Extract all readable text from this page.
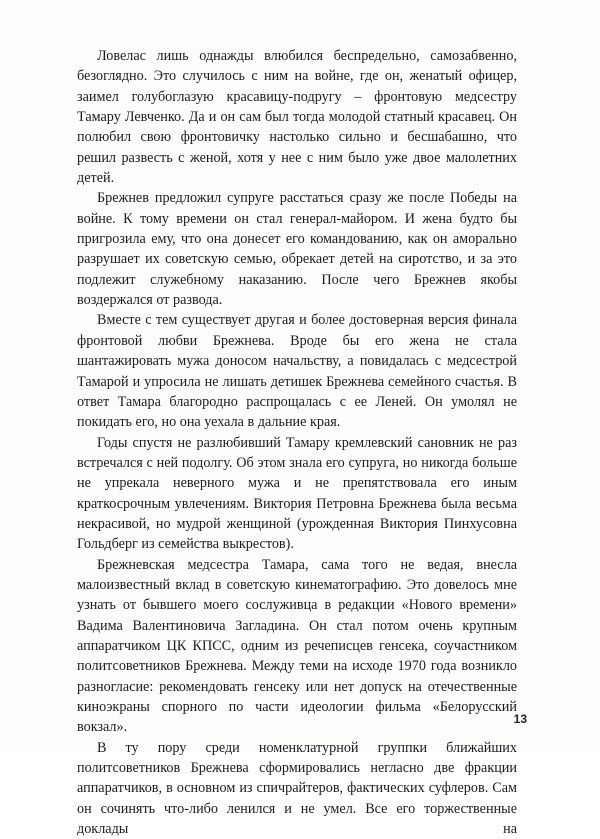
Ловелас лишь однажды влюбился беспредельно, самозабвенно, безоглядно. Это случилось с ним на войне, где он, женатый офицер, заимел голубоглазую красавицу-подругу – фронтовую медсестру Тамару Левченко. Да и он сам был тогда молодой статный красавец. Он полюбил свою фронтовичку настолько сильно и бесшабашно, что решил развесть с женой, хотя у нее с ним было уже двое малолетних детей.

Брежнев предложил супруге расстаться сразу же после Победы на войне. К тому времени он стал генерал-майором. И жена будто бы пригрозила ему, что она донесет его командованию, как он аморально разрушает их советскую семью, обрекает детей на сиротство, и за это подлежит служебному наказанию. После чего Брежнев якобы воздержался от развода.

Вместе с тем существует другая и более достоверная версия финала фронтовой любви Брежнева. Вроде бы его жена не стала шантажировать мужа доносом начальству, а повидалась с медсестрой Тамарой и упросила не лишать детишек Брежнева семейного счастья. В ответ Тамара благородно распрощалась с ее Леней. Он умолял не покидать его, но она уехала в дальние края.

Годы спустя не разлюбивший Тамару кремлевский сановник не раз встречался с ней подолгу. Об этом знала его супруга, но никогда больше не упрекала неверного мужа и не препятствовала его иным краткосрочным увлечениям. Виктория Петровна Брежнева была весьма некрасивой, но мудрой женщиной (урожденная Виктория Пинхусовна Гольдберг из семейства выкрестов).

Брежневская медсестра Тамара, сама того не ведая, внесла малоизвестный вклад в советскую кинематографию. Это довелось мне узнать от бывшего моего сослуживца в редакции «Нового времени» Вадима Валентиновича Загладина. Он стал потом очень крупным аппаратчиком ЦК КПСС, одним из речеписцев генсека, соучастником политсоветников Брежнева. Между теми на исходе 1970 года возникло разногласие: рекомендовать генсеку или нет допуск на отечественные киноэкраны спорного по части идеологии фильма «Белорусский вокзал».

В ту пору среди номенклатурной группки ближайших политсоветников Брежнева сформировались негласно две фракции аппаратчиков, в основном из спичрайтеров, фактических суфлеров. Сам он сочинять что-либо ленился и не умел. Все его торжественные доклады на

13
